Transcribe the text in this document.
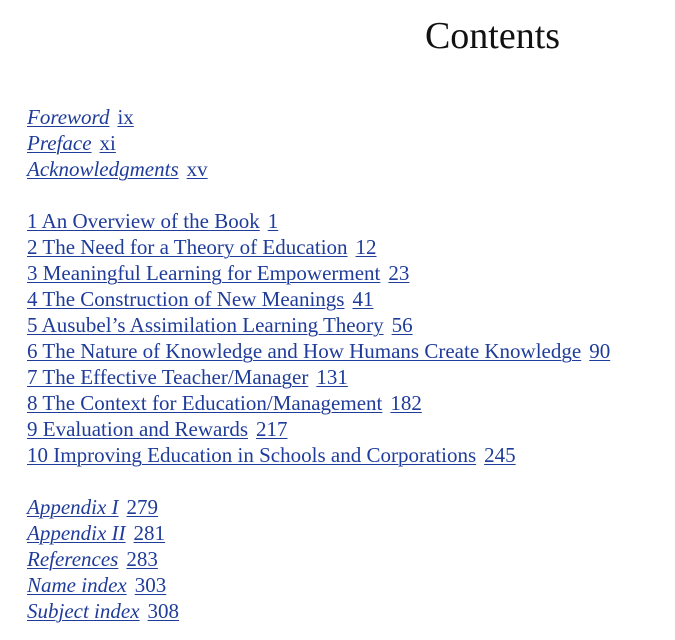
Contents
Foreword ix
Preface xi
Acknowledgments xv
1 An Overview of the Book 1
2 The Need for a Theory of Education 12
3 Meaningful Learning for Empowerment 23
4 The Construction of New Meanings 41
5 Ausubel’s Assimilation Learning Theory 56
6 The Nature of Knowledge and How Humans Create Knowledge 90
7 The Effective Teacher/Manager 131
8 The Context for Education/Management 182
9 Evaluation and Rewards 217
10 Improving Education in Schools and Corporations 245
Appendix I 279
Appendix II 281
References 283
Name index 303
Subject index 308
